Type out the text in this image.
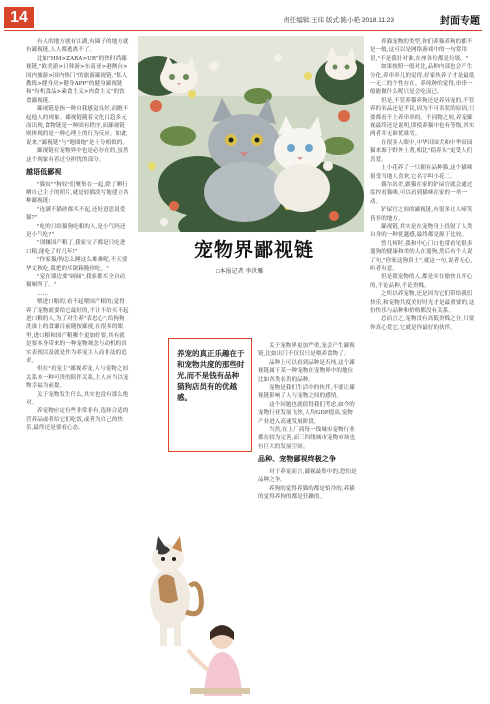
14	责任编辑:王玮 版式:陈小艳 2018.11.23	封面专题

有人的地方就有江湖,有圈子的地方就有鄙视链,人人都逃离不了。

比如"HM>ZARA>UR"的快时尚鄙视链,"欧美游>日韩游>东南亚>港澳台>国内旅游>国内热门"的旅游鄙视链,"私人教练>健身房>健身APP"的健身鄙视链和"有机食品>素食主义>肉食主义"的饮食鄙视链。

鄙视链是指一种自我感觉良好,而瞧不起他人的现象。鄙视链随着文化日趋多元而出现,食物链是一种固有秩序,而鄙视链则体现的是一种心理上的行为反应。如此说来,"鄙视链"与"地图炮"是十分相似的。

鄙视链在宠物界中也是必存在的,虽然这个现象有着过分担忧的部分。

越语低鄙视

"猫奴""狗奴"们聚集在一起,除了晒行晒自己主子的照片,就是轻描淡写地建立各种鄙视链:

"连满不猫砂都买不起,还好意思说爱猫?"

"吃的只给猫狗吃粮的人,是小气吗还是小气吃?"

"别嫌国产粮了,我家宝子都是只吃进口粮,能吃了好几年!"

"你家猫/狗怎么睡这么难难呢,不天要华丈秋吃,我把的买锯箱糙你吃。"

"宠在墙边要"阔阔",我家都买全自动猫厕所了。"

……

喂进口粮的,看不起喂国产粮的;觉得养了宠物就要给它最好的,不让不给买不起进口粮的人,为了对生养"表忠心",给狗狗洗澡上的食谦目前随按鄙视,在很多的眼里,进口粮和国产粮哪个更加好要,其有就是要本身带来的一种宠物观念与动机的真实表现以及就是作为养宠主人而非法的追求。

但在"看宠主"鄙视养宠,人与宠物之间关系本一种可贵的陪伴关系,主人应当以宠物幸福为前提。

关于宠物发生什么,其实也没有那么绝对。

养宠物应定有些非常非有,选择合适的营养品或者给它们吃饭,或者为自己的快乐,最终还是要看心态。

宠物界鄙视链
□本报记者 李世雁
养宠的真正乐趣在于和宠物共度的那些时光,而不是钱有品种猫狗店员有的优越感。

关于宠物界更加严重,宠会产生鄙视链,比如出门不仅仅只是喂养食物了。

品种上可以看到品种是否纯,这个鄙视链属于某一种宠物在宠物界中的地位比如各类名贵的品种。

宠物是我们生活中的伙伴,不要让鄙视链影响了人与宠物之间的感情。

这个问题也就值得我们考虑,如今的宠物行业发展飞快,人均GDP提高,宠物产业进入高速发展阶段。

当然,在上厂商每一线城市宠物行业都在较为完善,而三四线城市宠物市场也有巨大的发展空间。

品种、宠物鄙视终极之争

对于养宠而言,鄙视最集中的,恐怕是品种之争。

养狗的觉得养猫的都是怕冷的,养猫的觉得养狗的都是狂躁的。

养猫宠物的类型,你们养猫养狗的都不是一般,这可以是网络游戏中的一句常用语,"不是我针对谁,在座各位都是垃圾。"

如果按照一般对比,品种内部也会产生分化,养串串儿的觉得,好家伙养子才是最低一无二的个性存在。养纯种的觉得,串串一般能做什么呢只是会吃而已。

但是,不管养猫养狗还是养异宠的,不管养的名品还是平民,因为不可名状的原因,只要都看不上养串串的。不同物之间,养宠鄙视最终还是说明,即使养猫中也有等级,其实两者并无谁优谁劣。

在很多人眼中,中华田园犬和中华田园猫来源于野外土著,相比"稳养头"更受人们喜爱。

土小花养了一只拥有品种猫,这个猫咪很受当地人喜欢,它名字叫小花二。

偶尔出差,跟猫在家的铲屎官就会通过监控看猫咪,可以看到猫咪在家的一举一动。

铲屎官之间的鄙视链,有很多让人啼笑皆非的地方。

鄙视链,其实是在宠物身上投射了人类自身的一种优越感,最终都是源于比较。

曾几何时,我和中心门口也常看见很多遛狗的健康和美的人在遛狗,然后有个人说了句,"你家这狗真土",就这一句,说者无心,听者有意。

但是我宠物的人,都是实在愉快且开心的,不论品种,不论贵贱。

之所以养宠物,还是因为它们带给我们快乐,和宠物共度美好时光才是最重要的,这份快乐与品种和价格都没有关系。

总而言之,宠物没有高低贵贱之分,只要你真心爱它,它就是你最好的伙伴。
